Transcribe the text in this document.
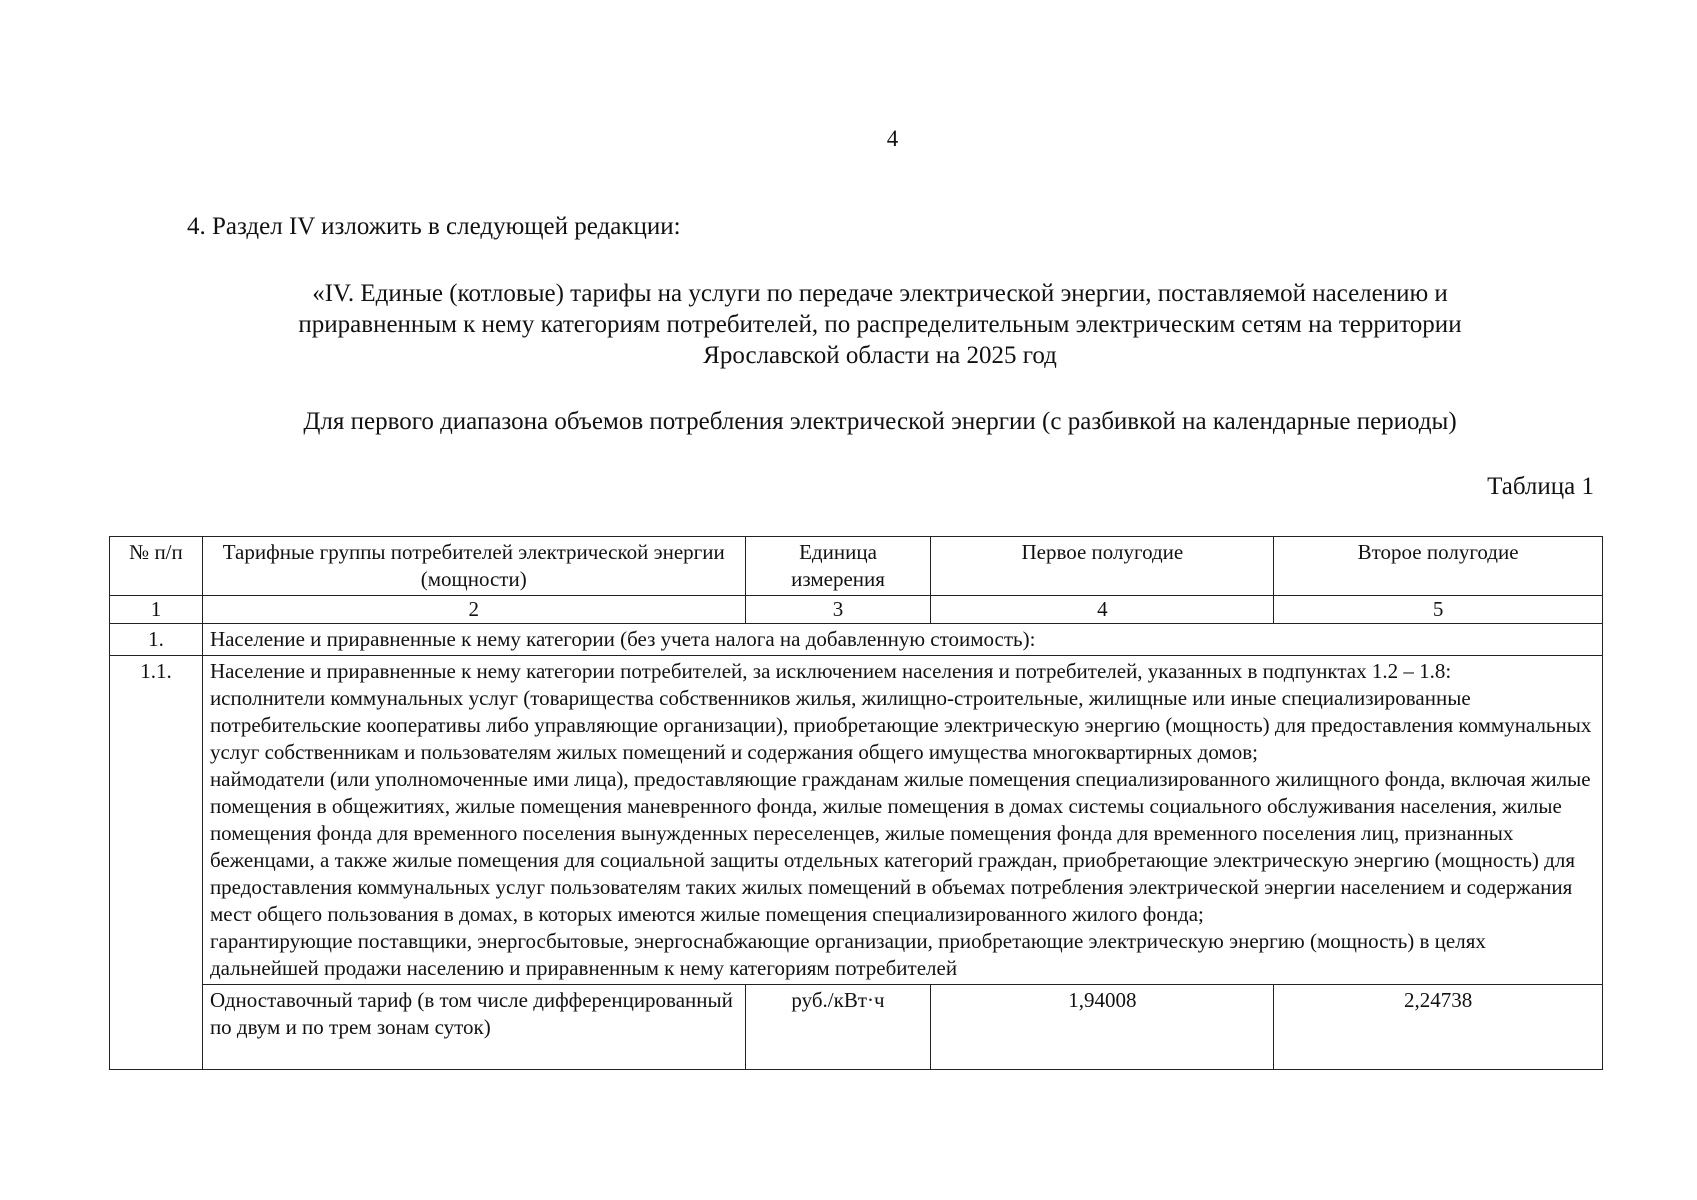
4
4. Раздел IV изложить в следующей редакции:
«IV. Единые (котловые) тарифы на услуги по передаче электрической энергии, поставляемой населению и
приравненным к нему категориям потребителей, по распределительным электрическим сетям на территории
Ярославской области на 2025 год
Для первого диапазона объемов потребления электрической энергии (с разбивкой на календарные периоды)
Таблица 1
№ п/п	Тарифные группы потребителей электрической энергии (мощности)	Единица измерения	Первое полугодие	Второе полугодие
1	2	3	4	5
1.	Население и приравненные к нему категории (без учета налога на добавленную стоимость):			
1.1.	Население и приравненные к нему категории потребителей, за исключением населения и потребителей, указанных в подпунктах 1.2 – 1.8:

исполнители коммунальных услуг (товарищества собственников жилья, жилищно-строительные, жилищные или иные специализированные потребительские кооперативы либо управляющие организации), приобретающие электрическую энергию (мощность) для предоставления коммунальных услуг собственникам и пользователям жилых помещений и содержания общего имущества многоквартирных домов;

наймодатели (или уполномоченные ими лица), предоставляющие гражданам жилые помещения специализированного жилищного фонда, включая жилые помещения в общежитиях, жилые помещения маневренного фонда, жилые помещения в домах системы социального обслуживания населения, жилые помещения фонда для временного поселения вынужденных переселенцев, жилые помещения фонда для временного поселения лиц, признанных беженцами, а также жилые помещения для социальной защиты отдельных категорий граждан, приобретающие электрическую энергию (мощность) для предоставления коммунальных услуг пользователям таких жилых помещений в объемах потребления электрической энергии населением и содержания мест общего пользования в домах, в которых имеются жилые помещения специализированного жилого фонда;

гарантирующие поставщики, энергосбытовые, энергоснабжающие организации, приобретающие электрическую энергию (мощность) в целях дальнейшей продажи населению и приравненным к нему категориям потребителей			

	Одноставочный тариф (в том числе дифференцированный по двум и по трем зонам суток)	руб./кВт·ч	1,94008	2,24738
